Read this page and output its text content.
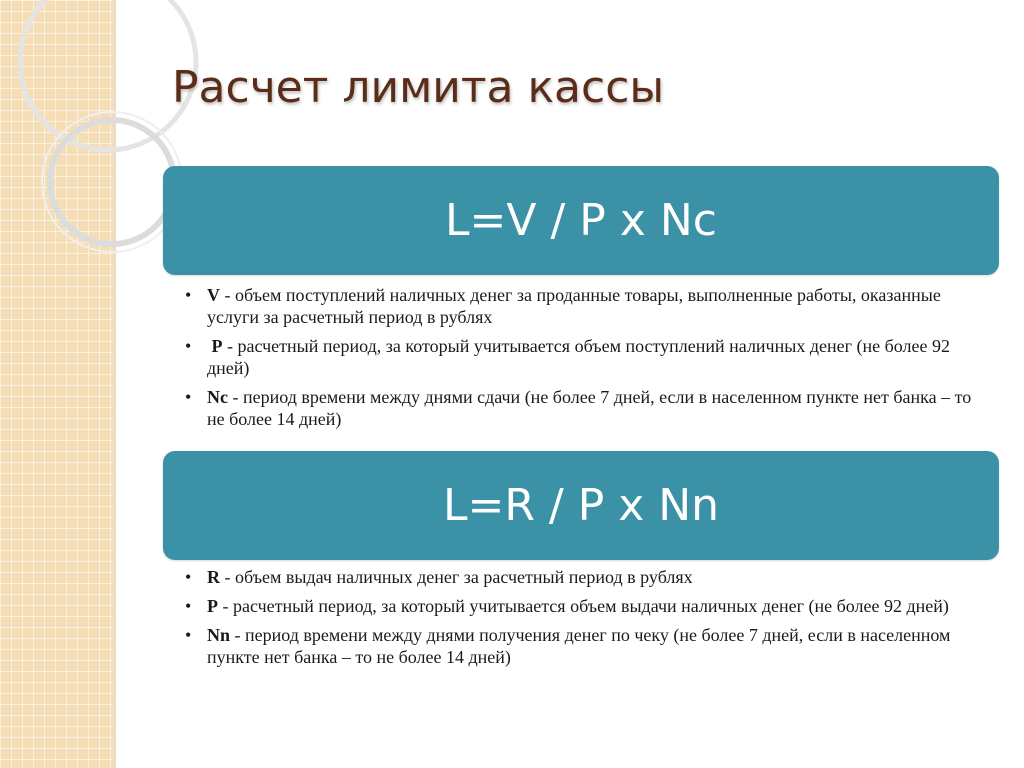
Расчет лимита кассы
L=V / P x Nc
• V - объем поступлений наличных денег за проданные товары, выполненные работы, оказанные услуги за расчетный период в рублях
•	P - расчетный период, за который учитывается объем поступлений наличных денег (не более 92 дней)
• Nc - период времени между днями сдачи (не более 7 дней, если в населенном пункте нет банка – то не более 14 дней)
L=R / P x Nn
• R - объем выдач наличных денег за расчетный период в рублях
• P - расчетный период, за который учитывается объем выдачи наличных денег (не более 92 дней)
• Nn - период времени между днями получения денег по чеку (не более 7 дней, если в населенном пункте нет банка – то не более 14 дней)
